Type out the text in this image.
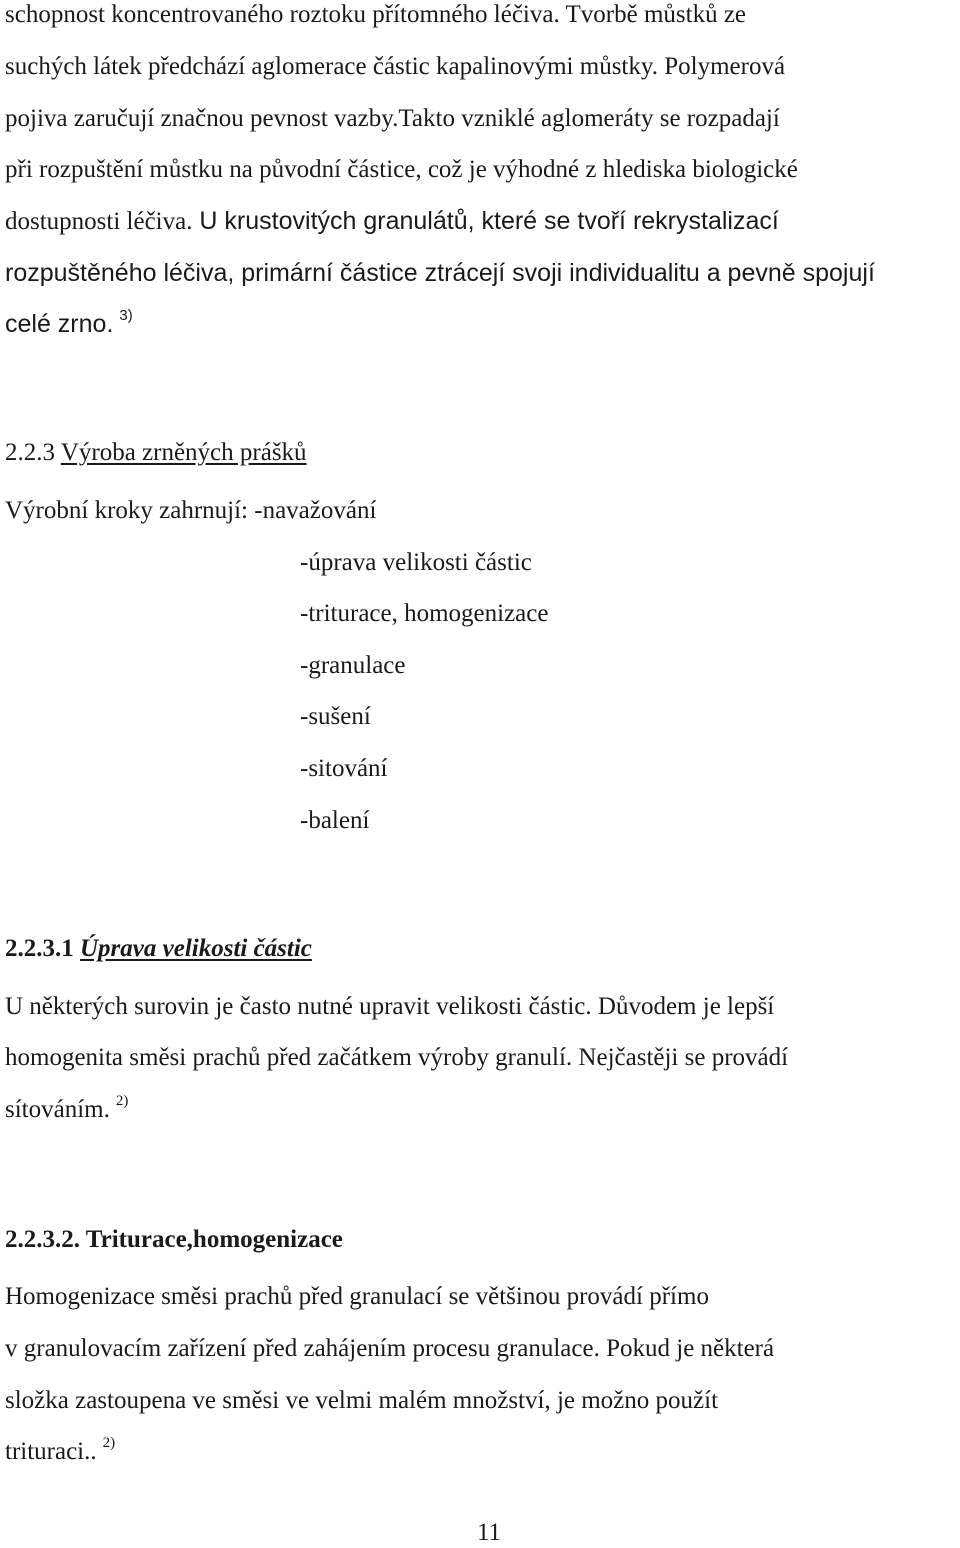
schopnost koncentrovaného roztoku přítomného léčiva. Tvorbě můstků ze
suchých látek předchází aglomerace částic kapalinovými můstky. Polymerová
pojiva zaručují značnou pevnost vazby.Takto vzniklé aglomeráty se rozpadají
při rozpuštění můstku na původní částice, což je výhodné z hlediska biologické
dostupnosti léčiva. U krustovitých granulátů, které se tvoří rekrystalizací
rozpuštěného léčiva, primární částice ztrácejí svoji individualitu a pevně spojují
celé zrno. $^{3)}$
2.2.3 Výroba zrněných prášků
Výrobní kroky zahrnují: -navažování
-úprava velikosti částic
-triturace, homogenizace
-granulace
-sušení
-sitování
-balení
2.2.3.1 Úprava velikosti částic
U některých surovin je často nutné upravit velikosti částic. Důvodem je lepší
homogenita směsi prachů před začátkem výroby granulí. Nejčastěji se provádí
sítováním. $^{2)}$
2.2.3.2. Triturace,homogenizace
Homogenizace směsi prachů před granulací se většinou provádí přímo
v granulovacím zařízení před zahájením procesu granulace. Pokud je některá
složka zastoupena ve směsi ve velmi malém množství, je možno použít
trituraci.. $^{2)}$
11
